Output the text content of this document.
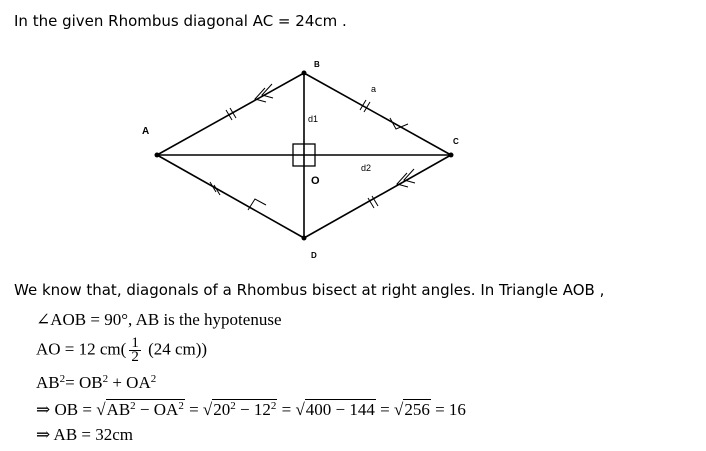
In the given Rhombus diagonal AC = 24cm .
A
B
C
D
O
d1
d2
a
We know that, diagonals of a Rhombus bisect at right angles. In Triangle AOB ,
∠AOB = 90°, AB is the hypotenuse
AO = 12 $cm( \frac{1}{2} (24$ cm))
$AB^2= OB^2 + OA^2$
⇒ OB = $√AB^2 - OA^2 = √20^2 - 12^2 = √400 - 144 = √256 = 16$
⇒ AB = 32cm
